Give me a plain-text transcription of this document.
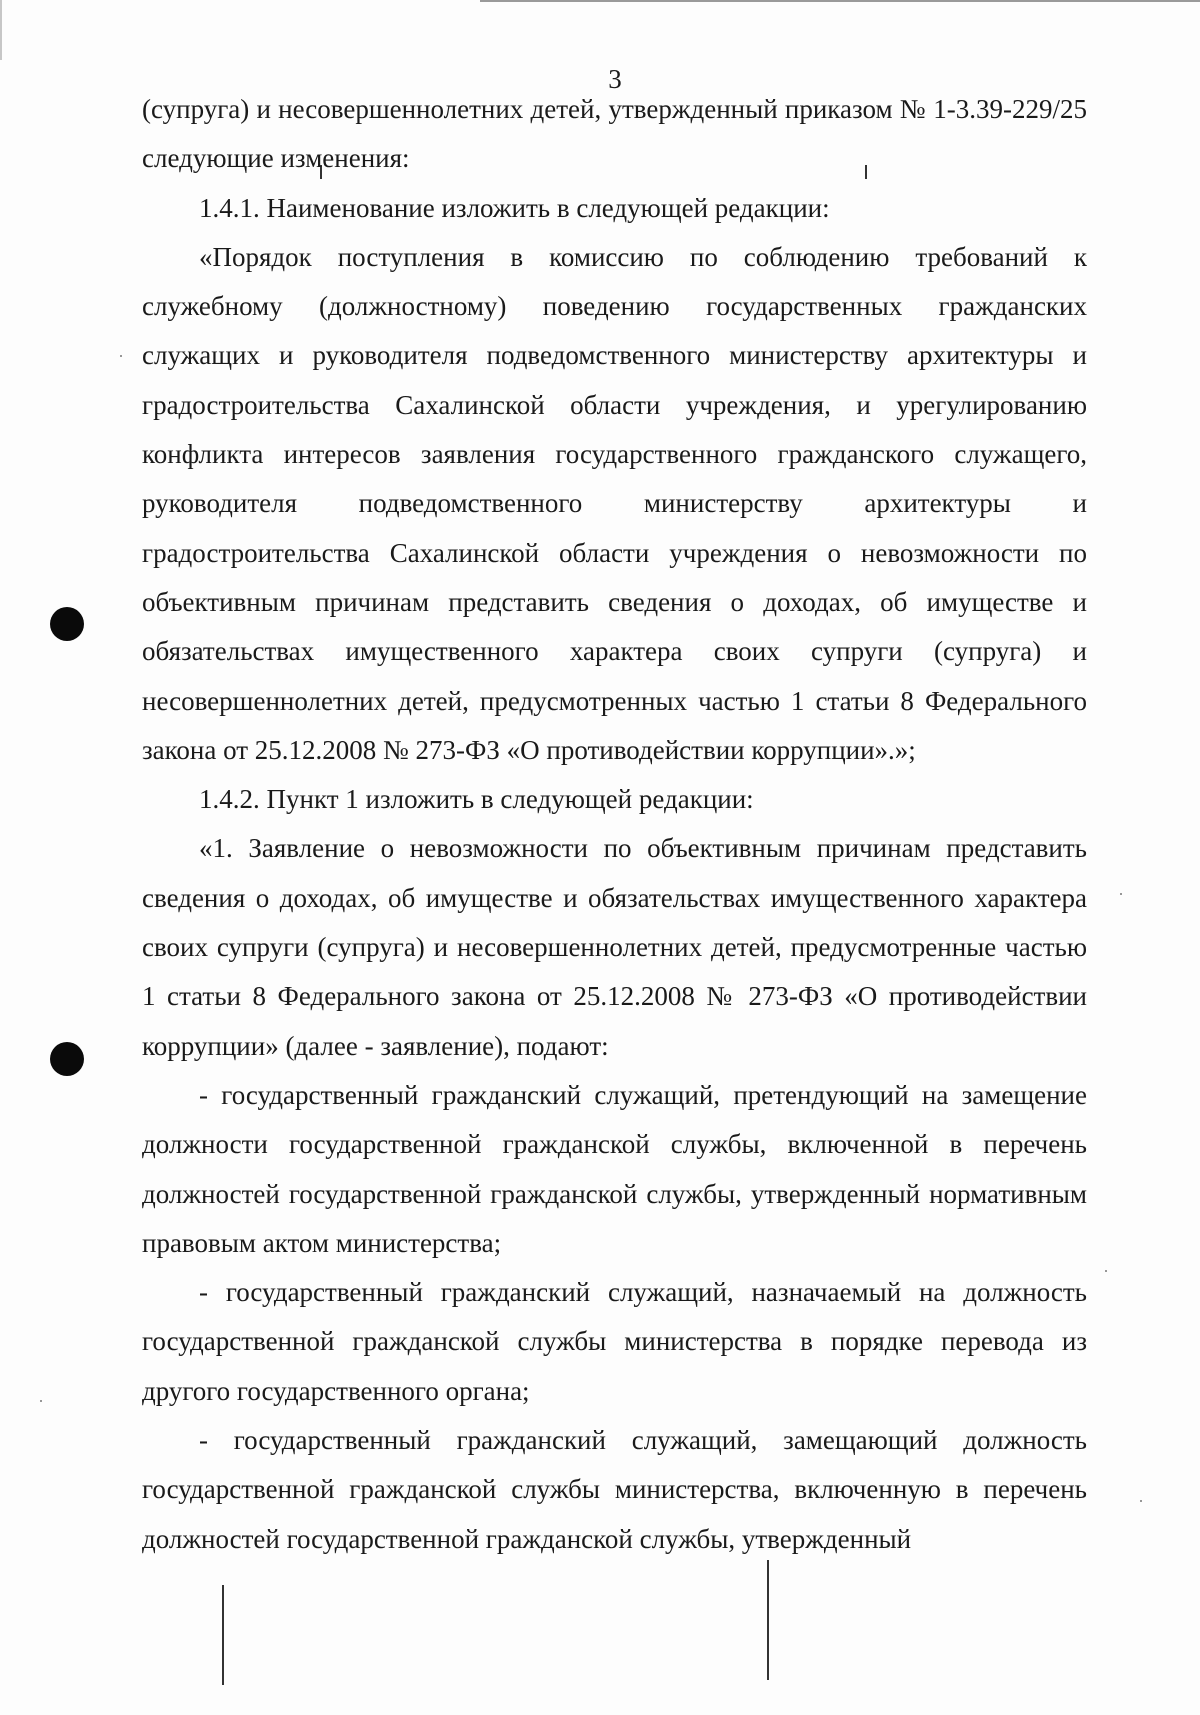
3

(супруга) и несовершеннолетних детей, утвержденный приказом № 1-3.39-229/25 следующие изменения:

1.4.1. Наименование изложить в следующей редакции:

«Порядок поступления в комиссию по соблюдению требований к служебному (должностному) поведению государственных гражданских служащих и руководителя подведомственного министерству архитектуры и градостроительства Сахалинской области учреждения, и урегулированию конфликта интересов заявления государственного гражданского служащего, руководителя подведомственного министерству архитектуры и градостроительства Сахалинской области учреждения о невозможности по объективным причинам представить сведения о доходах, об имуществе и обязательствах имущественного характера своих супруги (супруга) и несовершеннолетних детей, предусмотренных частью 1 статьи 8 Федерального закона от 25.12.2008 № 273-ФЗ «О противодействии коррупции».»;

1.4.2. Пункт 1 изложить в следующей редакции:

«1. Заявление о невозможности по объективным причинам представить сведения о доходах, об имуществе и обязательствах имущественного характера своих супруги (супруга) и несовершеннолетних детей, предусмотренные частью 1 статьи 8 Федерального закона от 25.12.2008 № 273-ФЗ «О противодействии коррупции» (далее - заявление), подают:

- государственный гражданский служащий, претендующий на замещение должности государственной гражданской службы, включенной в перечень должностей государственной гражданской службы, утвержденный нормативным правовым актом министерства;

- государственный гражданский служащий, назначаемый на должность государственной гражданской службы министерства в порядке перевода из другого государственного органа;

- государственный гражданский служащий, замещающий должность государственной гражданской службы министерства, включенную в перечень должностей государственной гражданской службы, утвержденный
